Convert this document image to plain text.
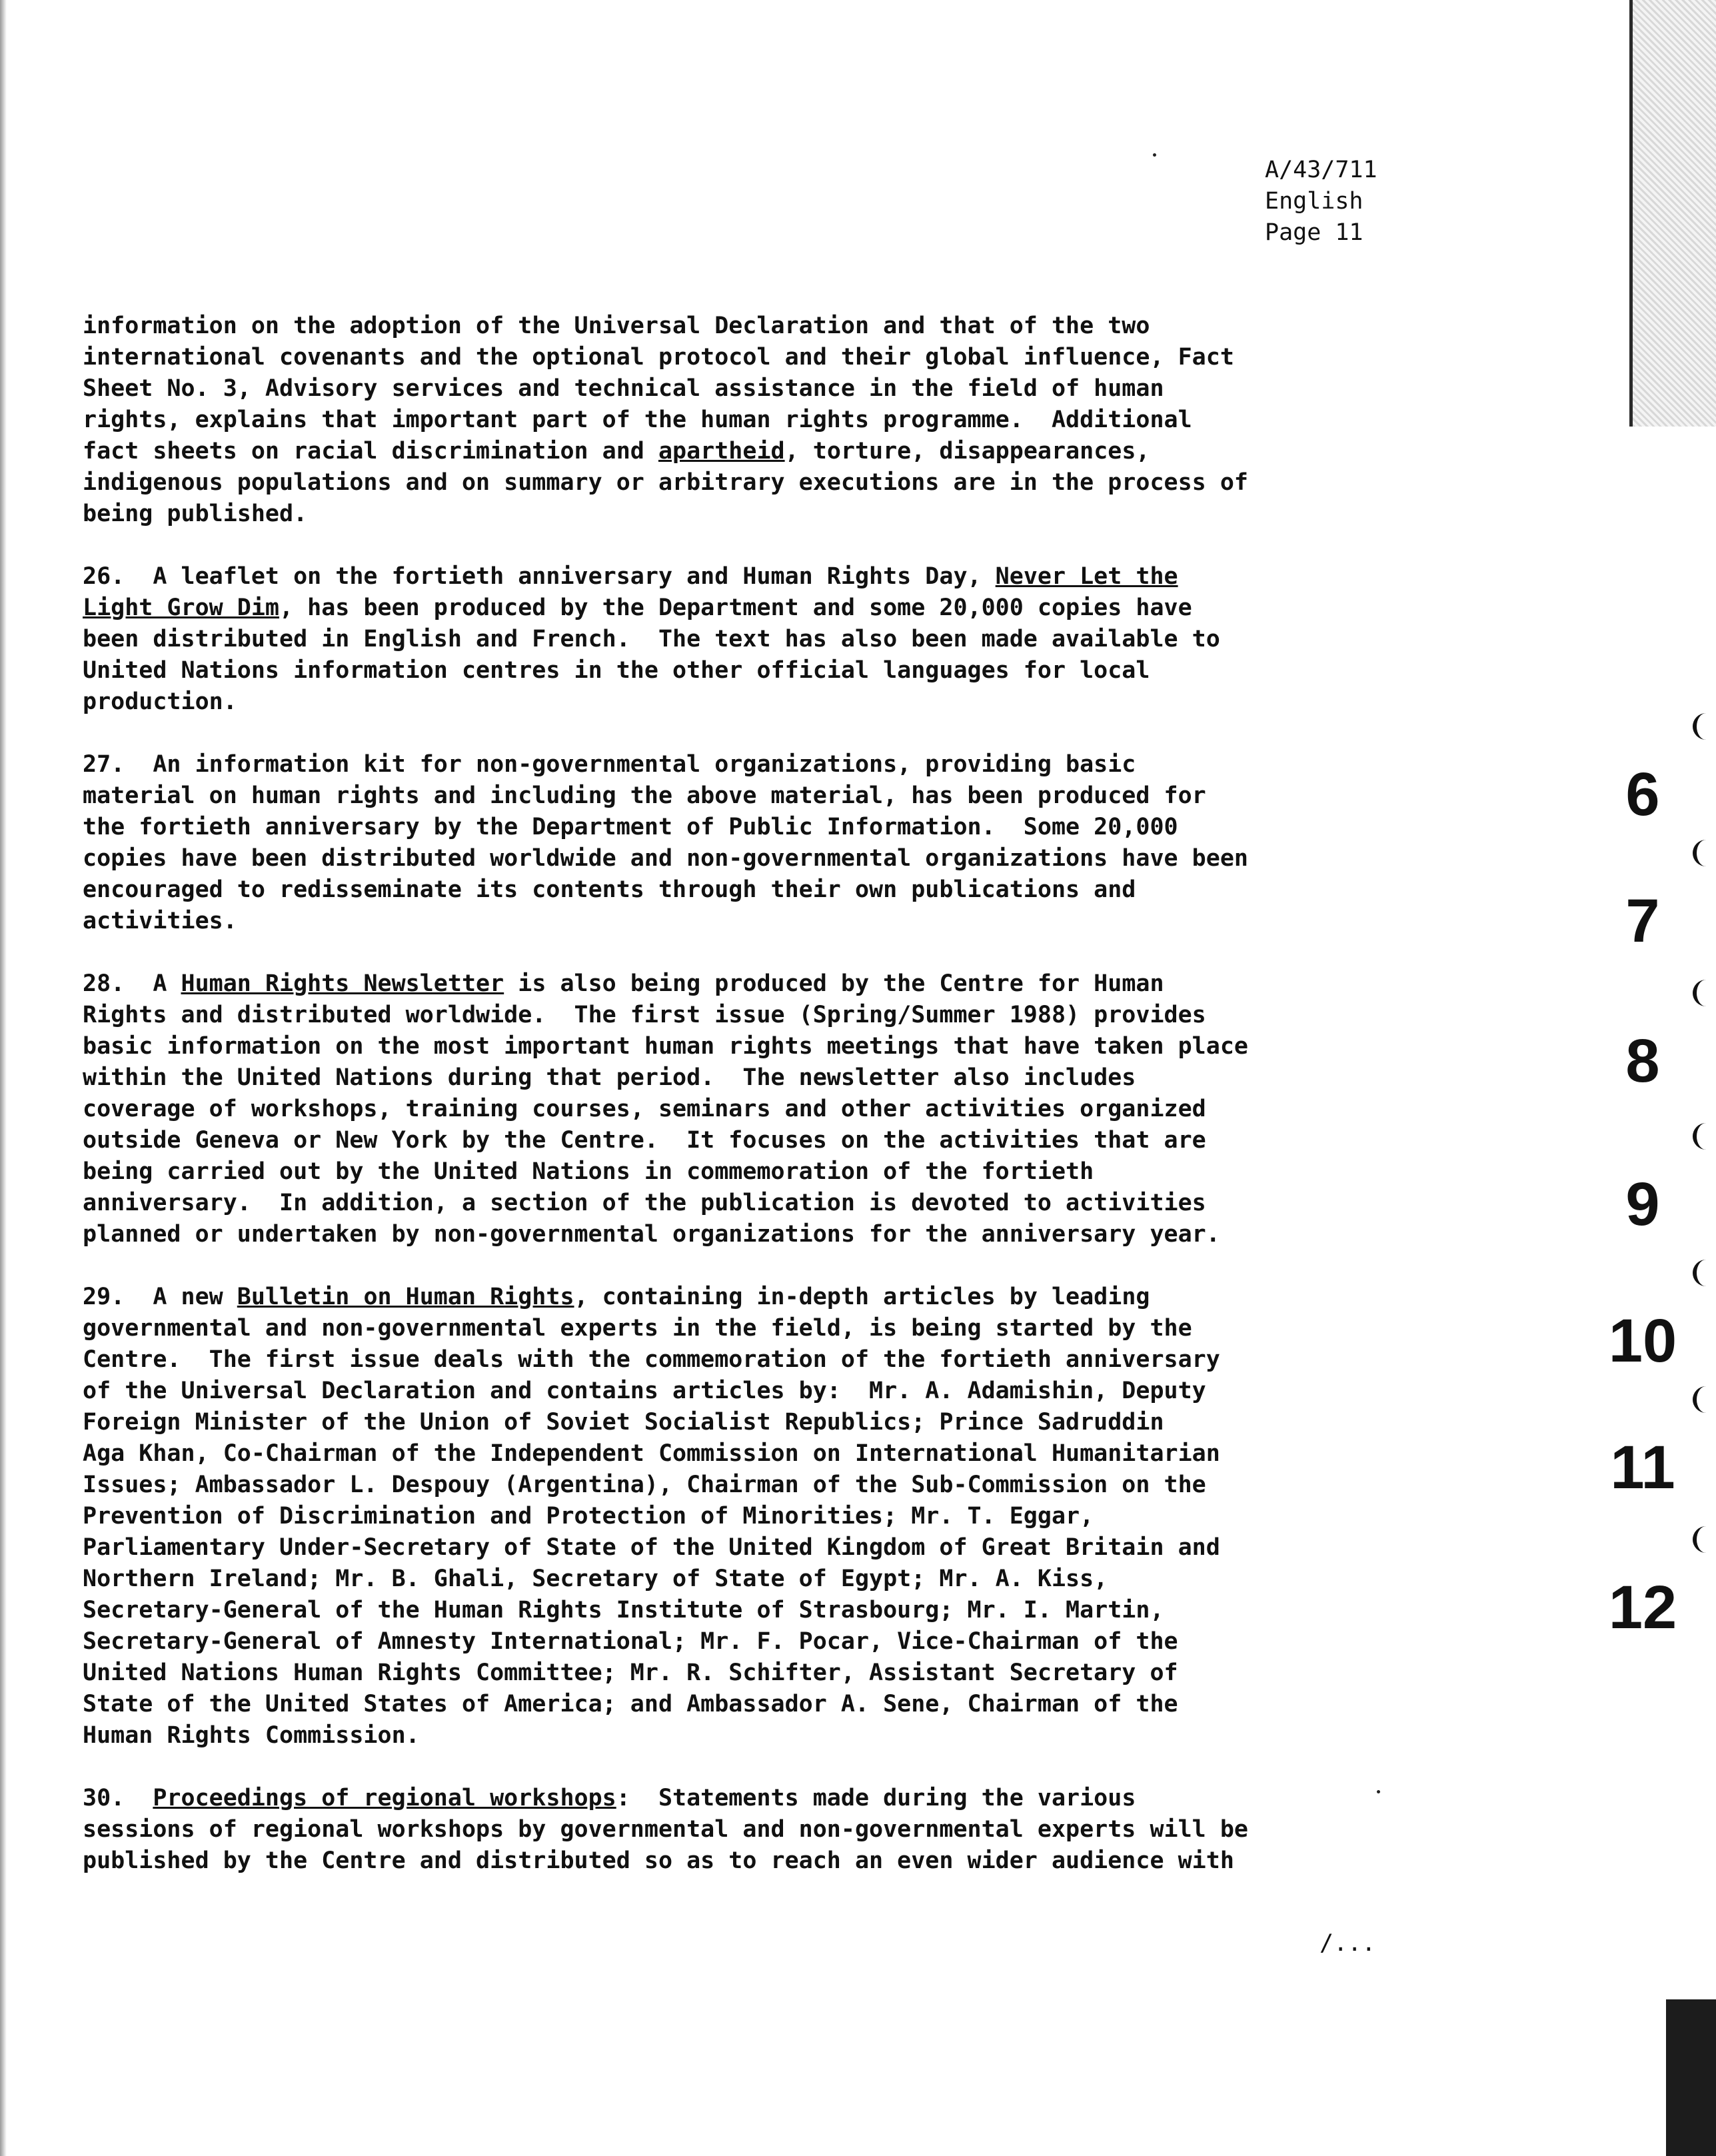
A/43/711
English
Page 11
information on the adoption of the Universal Declaration and that of the two
international covenants and the optional protocol and their global influence, Fact
Sheet No. 3, Advisory services and technical assistance in the field of human
rights, explains that important part of the human rights programme.  Additional
fact sheets on racial discrimination and apartheid, torture, disappearances,
indigenous populations and on summary or arbitrary executions are in the process of
being published.
26.  A leaflet on the fortieth anniversary and Human Rights Day, Never Let the
Light Grow Dim, has been produced by the Department and some 20,000 copies have
been distributed in English and French.  The text has also been made available to
United Nations information centres in the other official languages for local
production.
27.  An information kit for non-governmental organizations, providing basic
material on human rights and including the above material, has been produced for
the fortieth anniversary by the Department of Public Information.  Some 20,000
copies have been distributed worldwide and non-governmental organizations have been
encouraged to redisseminate its contents through their own publications and
activities.
28.  A Human Rights Newsletter is also being produced by the Centre for Human
Rights and distributed worldwide.  The first issue (Spring/Summer 1988) provides
basic information on the most important human rights meetings that have taken place
within the United Nations during that period.  The newsletter also includes
coverage of workshops, training courses, seminars and other activities organized
outside Geneva or New York by the Centre.  It focuses on the activities that are
being carried out by the United Nations in commemoration of the fortieth
anniversary.  In addition, a section of the publication is devoted to activities
planned or undertaken by non-governmental organizations for the anniversary year.
29.  A new Bulletin on Human Rights, containing in-depth articles by leading
governmental and non-governmental experts in the field, is being started by the
Centre.  The first issue deals with the commemoration of the fortieth anniversary
of the Universal Declaration and contains articles by:  Mr. A. Adamishin, Deputy
Foreign Minister of the Union of Soviet Socialist Republics; Prince Sadruddin
Aga Khan, Co-Chairman of the Independent Commission on International Humanitarian
Issues; Ambassador L. Despouy (Argentina), Chairman of the Sub-Commission on the
Prevention of Discrimination and Protection of Minorities; Mr. T. Eggar,
Parliamentary Under-Secretary of State of the United Kingdom of Great Britain and
Northern Ireland; Mr. B. Ghali, Secretary of State of Egypt; Mr. A. Kiss,
Secretary-General of the Human Rights Institute of Strasbourg; Mr. I. Martin,
Secretary-General of Amnesty International; Mr. F. Pocar, Vice-Chairman of the
United Nations Human Rights Committee; Mr. R. Schifter, Assistant Secretary of
State of the United States of America; and Ambassador A. Sene, Chairman of the
Human Rights Commission.
30.  Proceedings of regional workshops:  Statements made during the various
sessions of regional workshops by governmental and non-governmental experts will be
published by the Centre and distributed so as to reach an even wider audience with
/...
6
7
8
9
10
11
12
